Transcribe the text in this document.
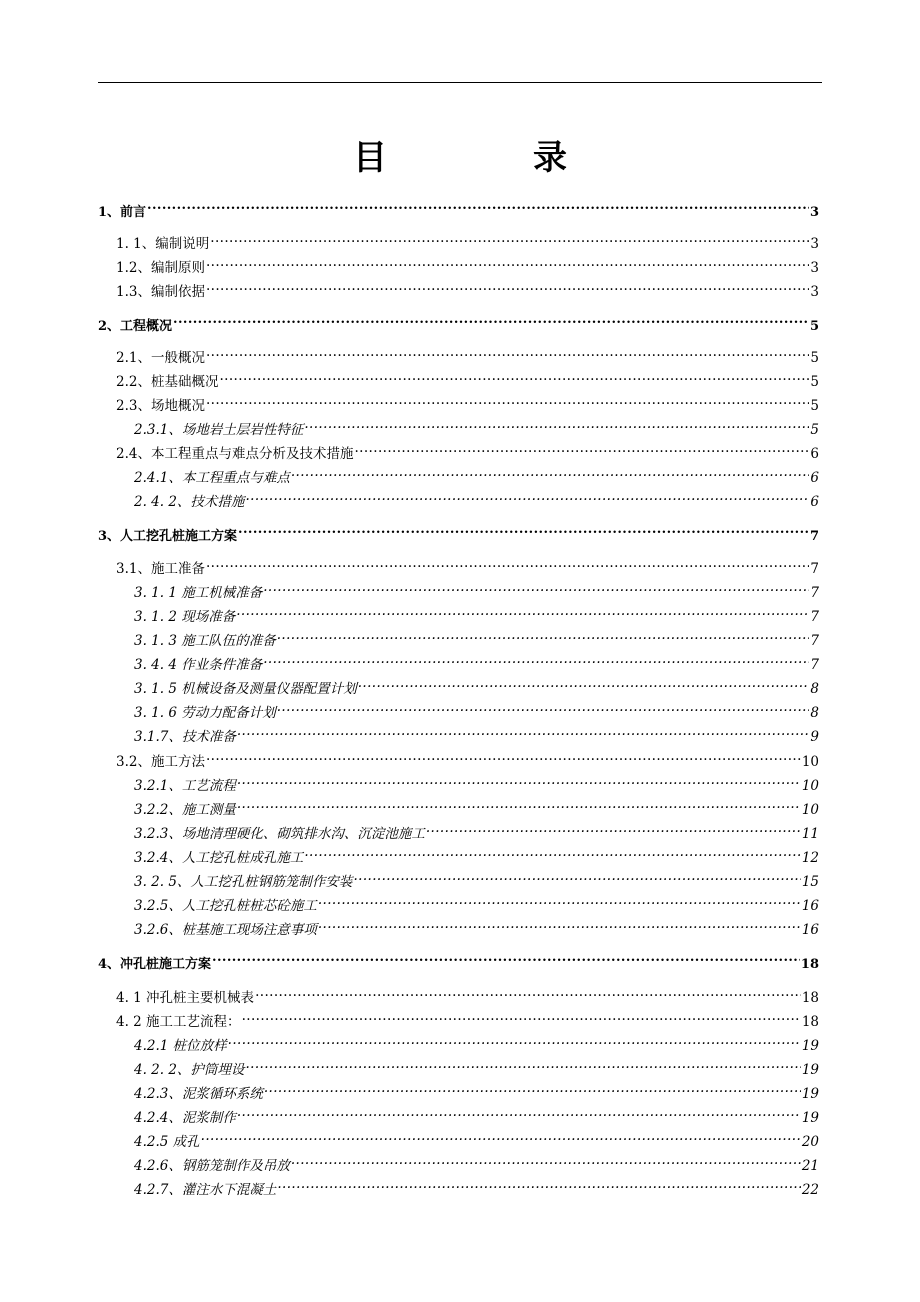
目　录
1、前言 .....	3
1. 1、编制说明 .....	3
1.2、编制原则 .....	3
1.3、编制依据 .....	3
2、工程概况 .....	5
2.1、一般概况 .....	5
2.2、桩基础概况 .....	5
2.3、场地概况 .....	5
2.3.1、场地岩土层岩性特征 .....	5
2.4、本工程重点与难点分析及技术措施 .....	6
2.4.1、本工程重点与难点 .....	6
2. 4. 2、技术措施 .....	6
3、人工挖孔桩施工方案 .....	7
3.1、施工准备 .....	7
3. 1. 1 施工机械准备 .....	7
3. 1. 2 现场准备 .....	7
3. 1. 3 施工队伍的准备 .....	7
3. 4. 4 作业条件准备 .....	7
3. 1. 5 机械设备及测量仪器配置计划 .....	8
3. 1. 6 劳动力配备计划 .....	8
3.1.7、技术准备 .....	9
3.2、施工方法 .....	10
3.2.1、工艺流程 .....	10
3.2.2、施工测量 .....	10
3.2.3、场地清理硬化、砌筑排水沟、沉淀池施工 .....	11
3.2.4、人工挖孔桩成孔施工 .....	12
3. 2. 5、人工挖孔桩钢筋笼制作安装 .....	15
3.2.5、人工挖孔桩桩芯砼施工 .....	16
3.2.6、桩基施工现场注意事项 .....	16
4、冲孔桩施工方案 .....	18
4. 1 冲孔桩主要机械表 .....	18
4. 2 施工工艺流程： .....	18
4.2.1 桩位放样 .....	19
4. 2. 2、护筒埋设 .....	19
4.2.3、泥浆循环系统 .....	19
4.2.4、泥浆制作 .....	19
4.2.5 成孔 .....	20
4.2.6、钢筋笼制作及吊放 .....	21
4.2.7、灌注水下混凝土 .....	22
